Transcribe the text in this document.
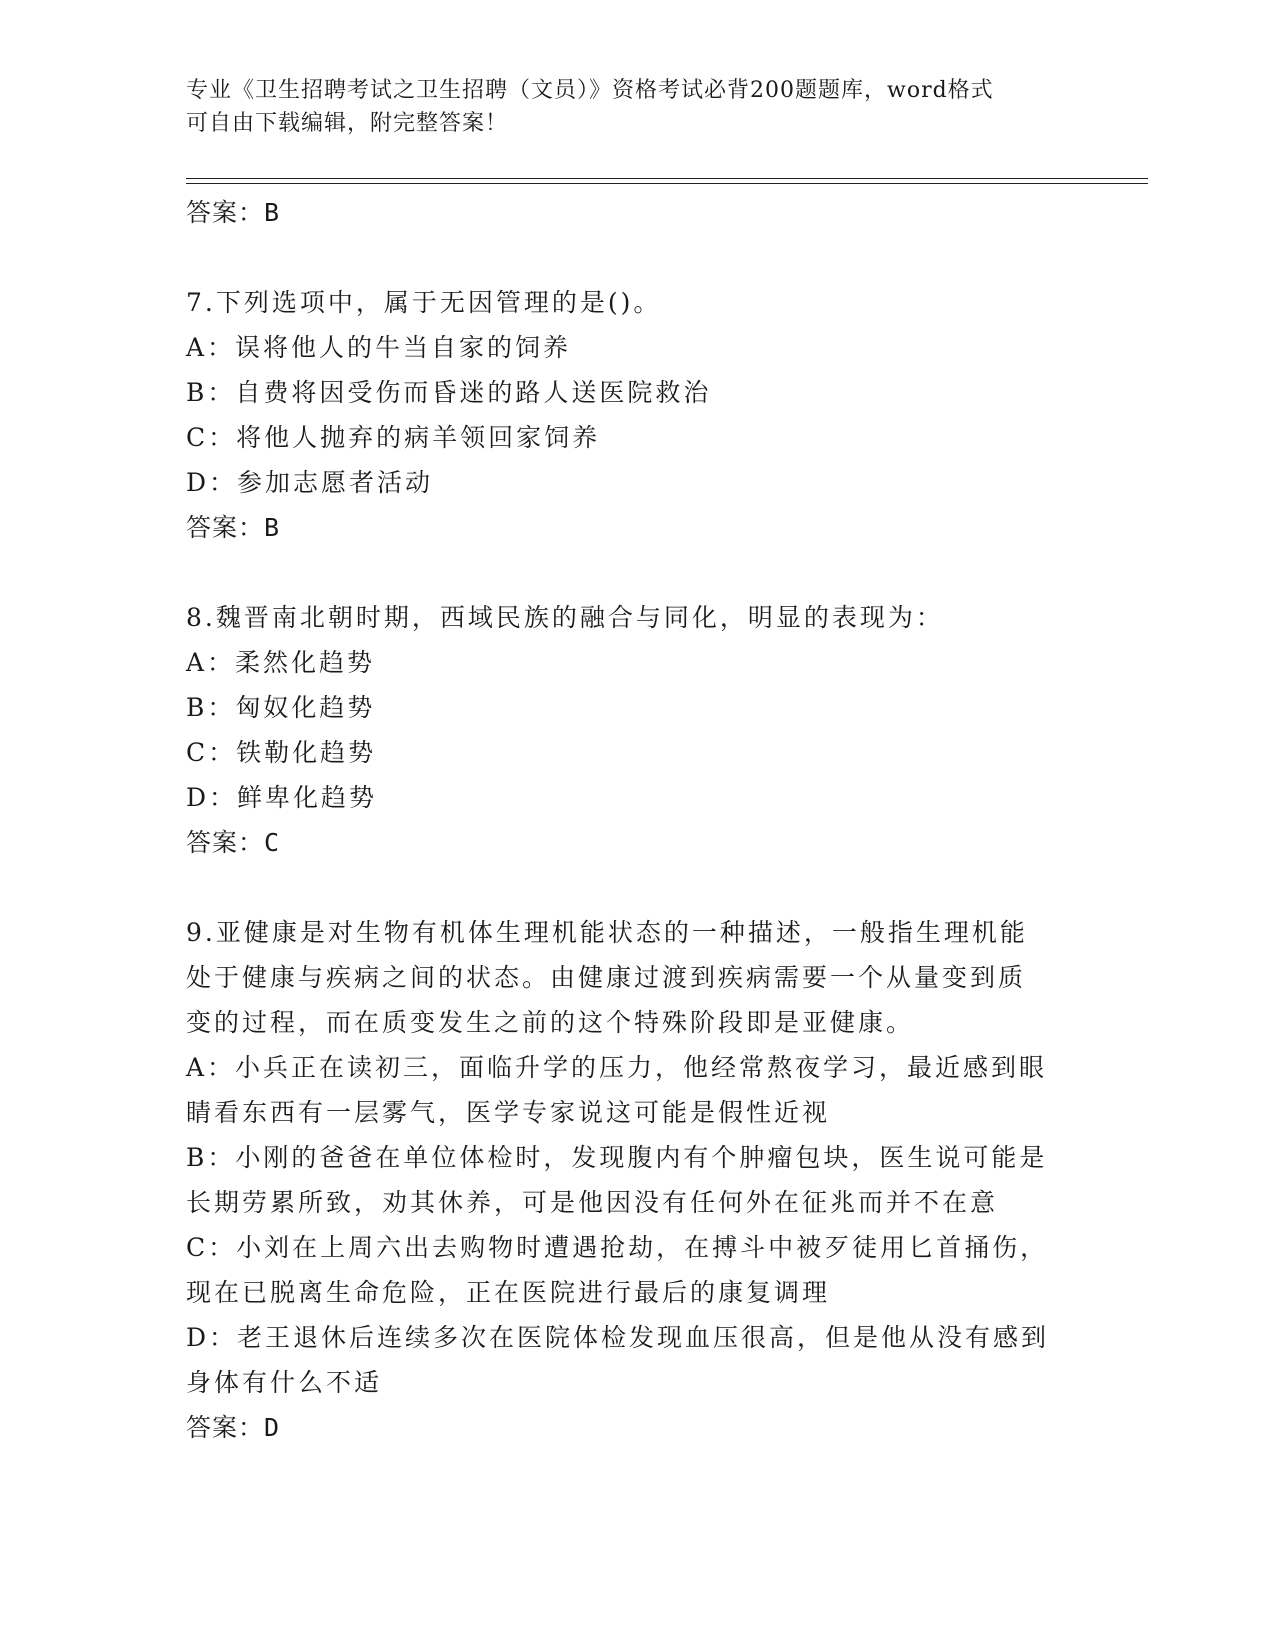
专业《卫生招聘考试之卫生招聘（文员）》资格考试必背200题题库，word格式
可自由下载编辑，附完整答案！
答案：B
7.下列选项中，属于无因管理的是()。
A：误将他人的牛当自家的饲养
B：自费将因受伤而昏迷的路人送医院救治
C：将他人抛弃的病羊领回家饲养
D：参加志愿者活动
答案：B
8.魏晋南北朝时期，西域民族的融合与同化，明显的表现为：
A：柔然化趋势
B：匈奴化趋势
C：铁勒化趋势
D：鲜卑化趋势
答案：C
9.亚健康是对生物有机体生理机能状态的一种描述，一般指生理机能
处于健康与疾病之间的状态。由健康过渡到疾病需要一个从量变到质
变的过程，而在质变发生之前的这个特殊阶段即是亚健康。
A：小兵正在读初三，面临升学的压力，他经常熬夜学习，最近感到眼
睛看东西有一层雾气，医学专家说这可能是假性近视
B：小刚的爸爸在单位体检时，发现腹内有个肿瘤包块，医生说可能是
长期劳累所致，劝其休养，可是他因没有任何外在征兆而并不在意
C：小刘在上周六出去购物时遭遇抢劫，在搏斗中被歹徒用匕首捅伤，
现在已脱离生命危险，正在医院进行最后的康复调理
D：老王退休后连续多次在医院体检发现血压很高，但是他从没有感到
身体有什么不适
答案：D
